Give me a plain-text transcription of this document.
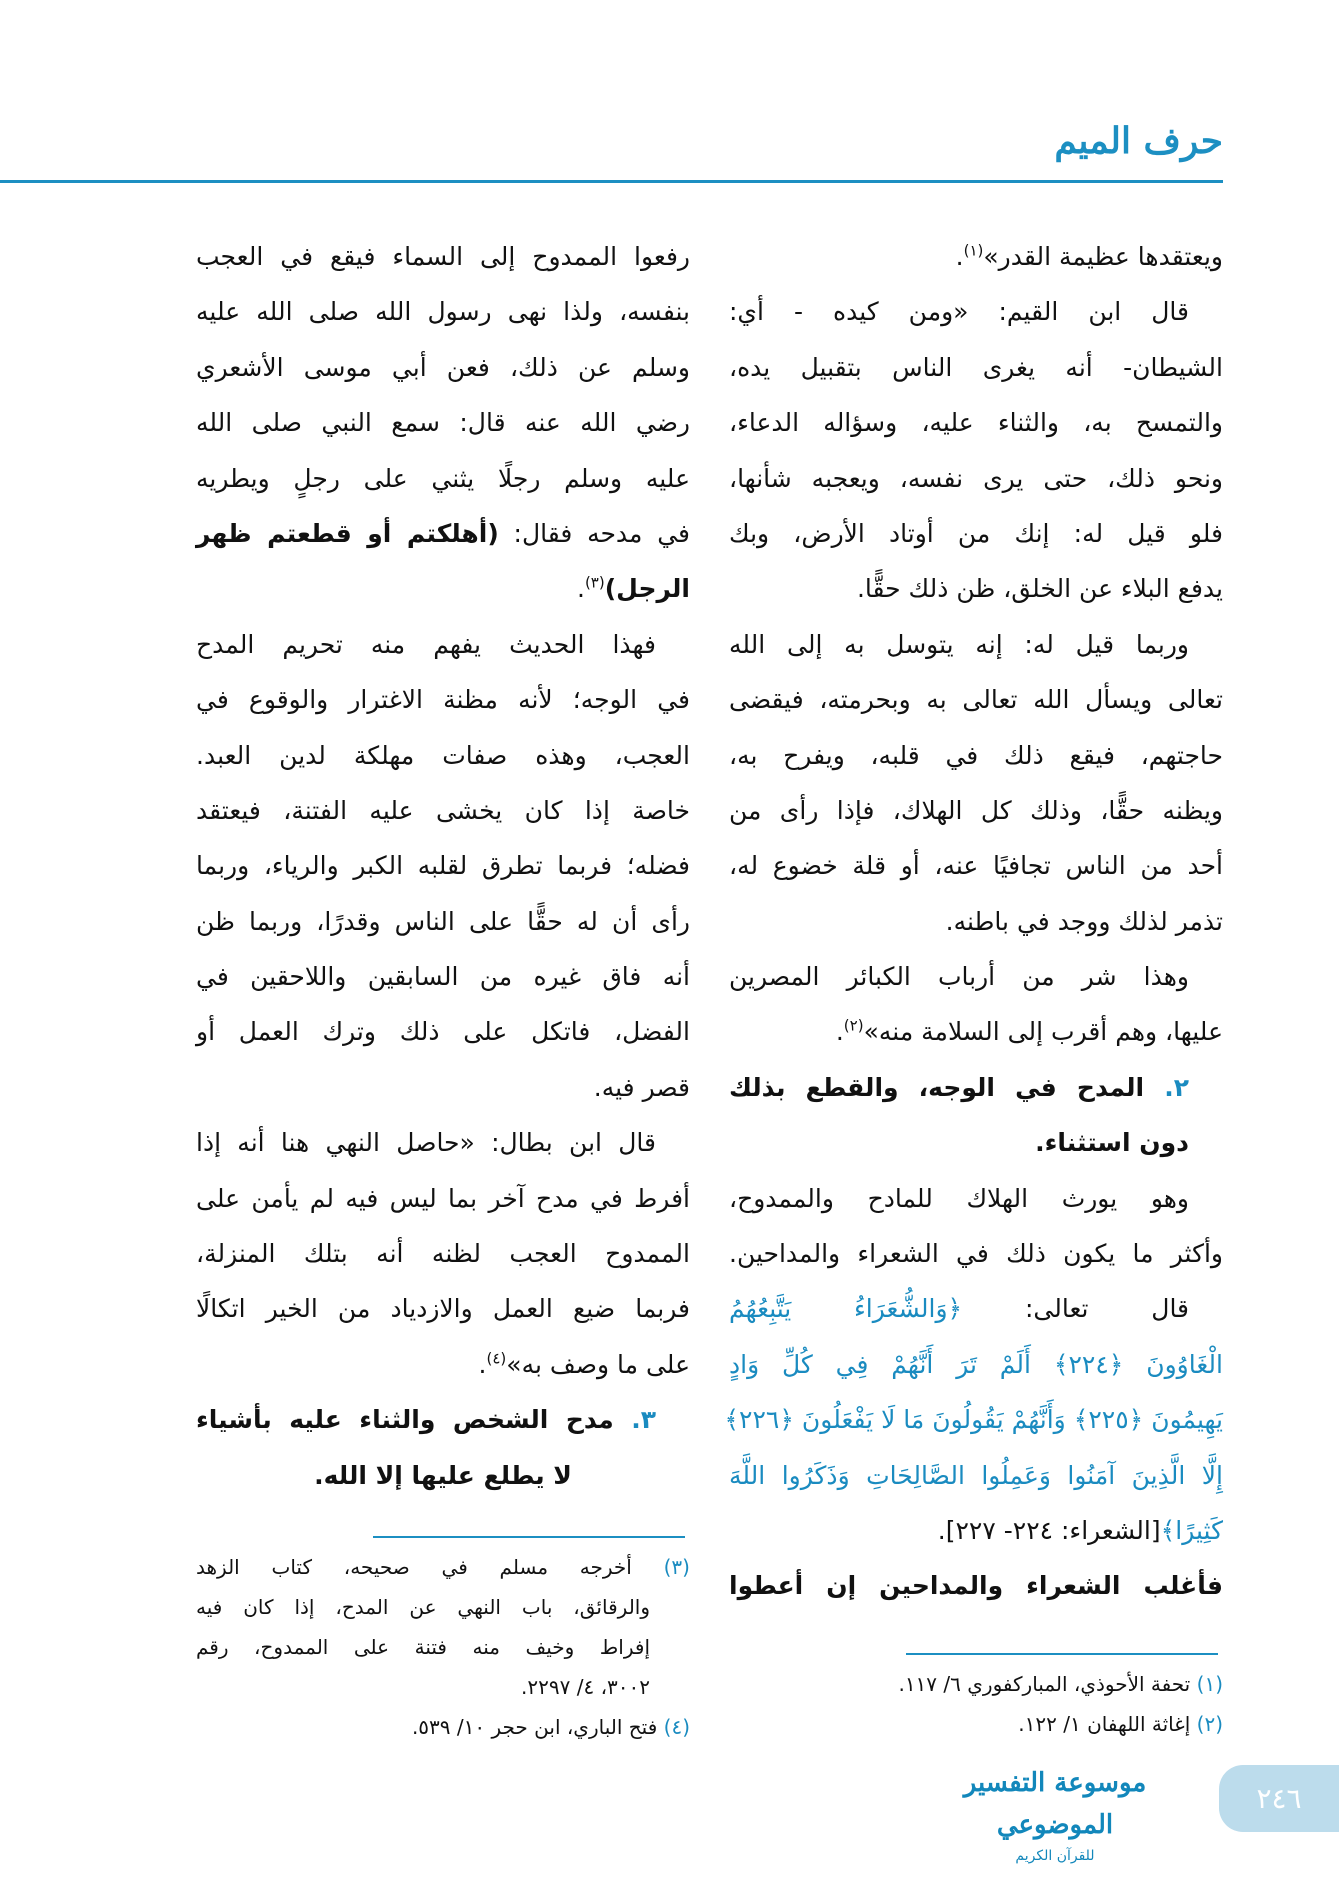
حرف الميم
ويعتقدها عظيمة القدر»$^{(١)}$.
قال ابن القيم: «ومن كيده - أي:
الشيطان- أنه يغرى الناس بتقبيل يده،
والتمسح به، والثناء عليه، وسؤاله الدعاء،
ونحو ذلك، حتى يرى نفسه، ويعجبه شأنها،
فلو قيل له: إنك من أوتاد الأرض، وبك
يدفع البلاء عن الخلق، ظن ذلك حقًّا.
وربما قيل له: إنه يتوسل به إلى الله
تعالى ويسأل الله تعالى به وبحرمته، فيقضى
حاجتهم، فيقع ذلك في قلبه، ويفرح به،
ويظنه حقًّا، وذلك كل الهلاك، فإذا رأى من
أحد من الناس تجافيًا عنه، أو قلة خضوع له،
تذمر لذلك ووجد في باطنه.
وهذا شر من أرباب الكبائر المصرين
عليها، وهم أقرب إلى السلامة منه»$^{(٢)}$.
٢. المدح في الوجه، والقطع بذلك
دون استثناء.
وهو يورث الهلاك للمادح والممدوح،
وأكثر ما يكون ذلك في الشعراء والمداحين.
قال تعالى: ﴿وَالشُّعَرَاءُ يَتَّبِعُهُمُ
الْغَاوُونَ ﴿٢٢٤﴾ أَلَمْ تَرَ أَنَّهُمْ فِي كُلِّ وَادٍ
يَهِيمُونَ ﴿٢٢٥﴾ وَأَنَّهُمْ يَقُولُونَ مَا لَا يَفْعَلُونَ ﴿٢٢٦﴾
إِلَّا الَّذِينَ آمَنُوا وَعَمِلُوا الصَّالِحَاتِ وَذَكَرُوا اللَّهَ
كَثِيرًا﴾[الشعراء: ٢٢٤- ٢٢٧].
فأغلب الشعراء والمداحين إن أعطوا
رفعوا الممدوح إلى السماء فيقع في العجب
بنفسه، ولذا نهى رسول الله صلى الله عليه
وسلم عن ذلك، فعن أبي موسى الأشعري
رضي الله عنه قال: سمع النبي صلى الله
عليه وسلم رجلًا يثني على رجلٍ ويطريه
في مدحه فقال: (أهلكتم أو قطعتم ظهر
الرجل)$^{(٣)}$.
فهذا الحديث يفهم منه تحريم المدح
في الوجه؛ لأنه مظنة الاغترار والوقوع في
العجب، وهذه صفات مهلكة لدين العبد.
خاصة إذا كان يخشى عليه الفتنة، فيعتقد
فضله؛ فربما تطرق لقلبه الكبر والرياء، وربما
رأى أن له حقًّا على الناس وقدرًا، وربما ظن
أنه فاق غيره من السابقين واللاحقين في
الفضل، فاتكل على ذلك وترك العمل أو
قصر فيه.
قال ابن بطال: «حاصل النهي هنا أنه إذا
أفرط في مدح آخر بما ليس فيه لم يأمن على
الممدوح العجب لظنه أنه بتلك المنزلة،
فربما ضيع العمل والازدياد من الخير اتكالًا
على ما وصف به»$^{(٤)}$.
٣. مدح الشخص والثناء عليه بأشياء
لا يطلع عليها إلا الله.
(١) تحفة الأحوذي، المباركفوري ٦/ ١١٧.
(٢) إغاثة اللهفان ١/ ١٢٢.
(٣) أخرجه مسلم في صحيحه، كتاب الزهد
والرقائق، باب النهي عن المدح، إذا كان فيه
إفراط وخيف منه فتنة على الممدوح، رقم
٣٠٠٢، ٤/ ٢٢٩٧.
(٤) فتح الباري، ابن حجر ١٠/ ٥٣٩.
موسوعة التفسير الموضوعي
للقرآن الكريم
٢٤٦
